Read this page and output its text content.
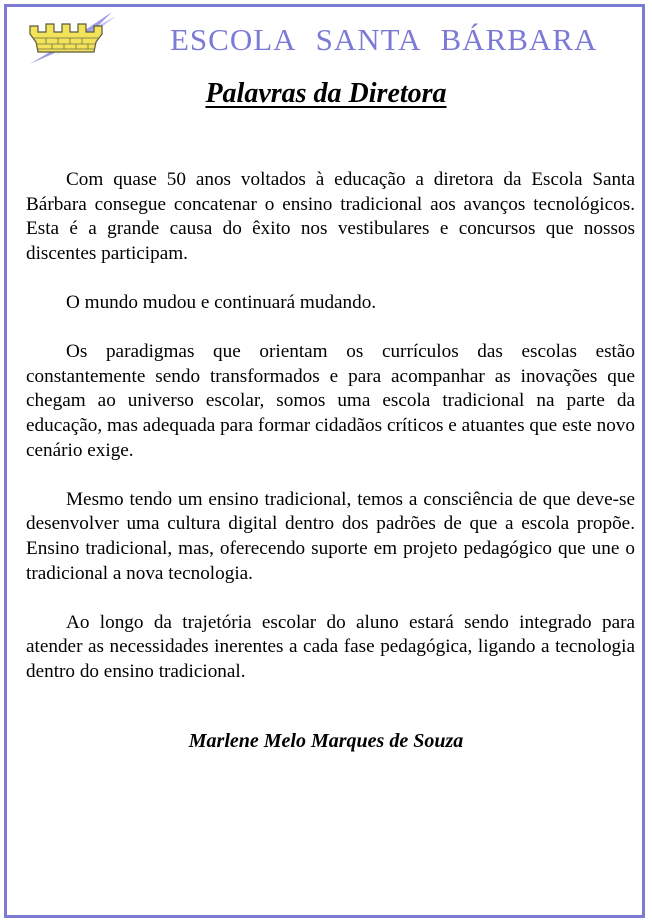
ESCOLA SANTA BÁRBARA
Palavras da Diretora

Com quase 50 anos voltados à educação a diretora da Escola Santa Bárbara consegue concatenar o ensino tradicional aos avanços tecnológicos. Esta é a grande causa do êxito nos vestibulares e concursos que nossos discentes participam.

O mundo mudou e continuará mudando.

Os paradigmas que orientam os currículos das escolas estão constantemente sendo transformados e para acompanhar as inovações que chegam ao universo escolar, somos uma escola tradicional na parte da educação, mas adequada para formar cidadãos críticos e atuantes que este novo cenário exige.

Mesmo tendo um ensino tradicional, temos a consciência de que deve-se desenvolver uma cultura digital dentro dos padrões de que a escola propõe. Ensino tradicional, mas, oferecendo suporte em projeto pedagógico que une o tradicional a nova tecnologia.

Ao longo da trajetória escolar do aluno estará sendo integrado para atender as necessidades inerentes a cada fase pedagógica, ligando a tecnologia dentro do ensino tradicional.

Marlene Melo Marques de Souza
